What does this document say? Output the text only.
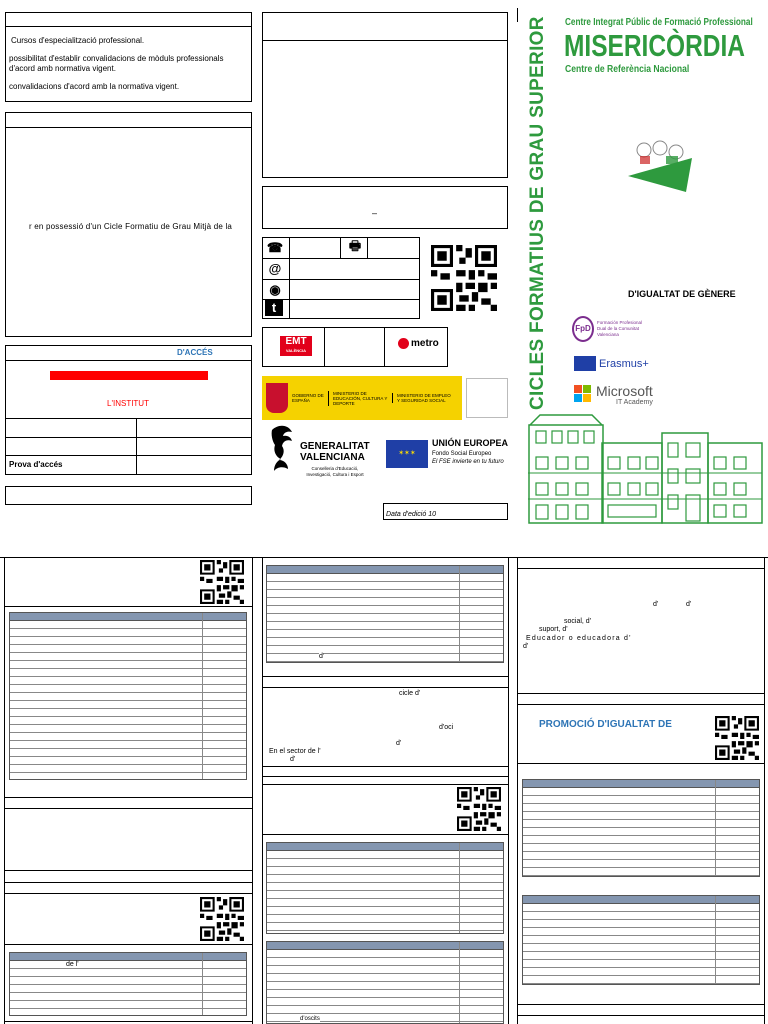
Cursos d'especialització professional.
possibilitat d'establir convalidacions de mòduls professionals d'acord amb normativa vigent.
convalidacions d'acord amb la normativa vigent.
r en possessió d'un Cicle Formatiu de Grau Mitjà de la
D'ACCÉS
L'INSTITUT
Prova d'accés
–
☎
@
◉
t
🖶
EMT
VALÈNCIA
metro
GOBIERNO DE ESPAÑA
MINISTERIO DE EDUCACIÓN, CULTURA Y DEPORTE
MINISTERIO DE EMPLEO Y SEGURIDAD SOCIAL
GENERALITAT VALENCIANA
Conselleria d'Educació, Investigació, Cultura i Esport
✶✶✶
UNIÓN EUROPEA
Fondo Social Europeo
El FSE invierte en tu futuro
Data d'edició 10
CICLES FORMATIUS DE GRAU SUPERIOR	Centre Integrat Públic de Formació Professional
MISERICÒRDIA
Centre de Referència Nacional
D'IGUALTAT DE GÈNERE
FpD
Formación Profesional Dual de la Comunitat Valenciana
Erasmus+
Microsoft
IT Academy
de l'
d'
cicle d'
d'oci
d'
En el sector de l'
d'
d'oscits
d'	d'
social, d'
suport, d'
Educador o educadora d'
d'
PROMOCIÓ D'IGUALTAT DE
